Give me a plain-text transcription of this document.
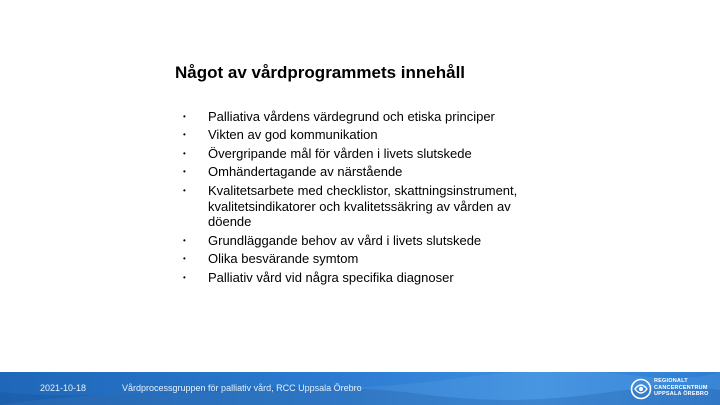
Något av vårdprogrammets innehåll
• Palliativa vårdens värdegrund och etiska principer
• Vikten av god kommunikation
• Övergripande mål för vården i livets slutskede
• Omhändertagande av närstående
• Kvalitetsarbete med checklistor, skattningsinstrument, kvalitetsindikatorer och kvalitetssäkring av vården av döende
• Grundläggande behov av vård i livets slutskede
• Olika besvärande symtom
• Palliativ vård vid några specifika diagnoser
2021-10-18	Vårdprocessgruppen för palliativ vård, RCC Uppsala Örebro
REGIONALT
CANCERCENTRUM
UPPSALA ÖREBRO
